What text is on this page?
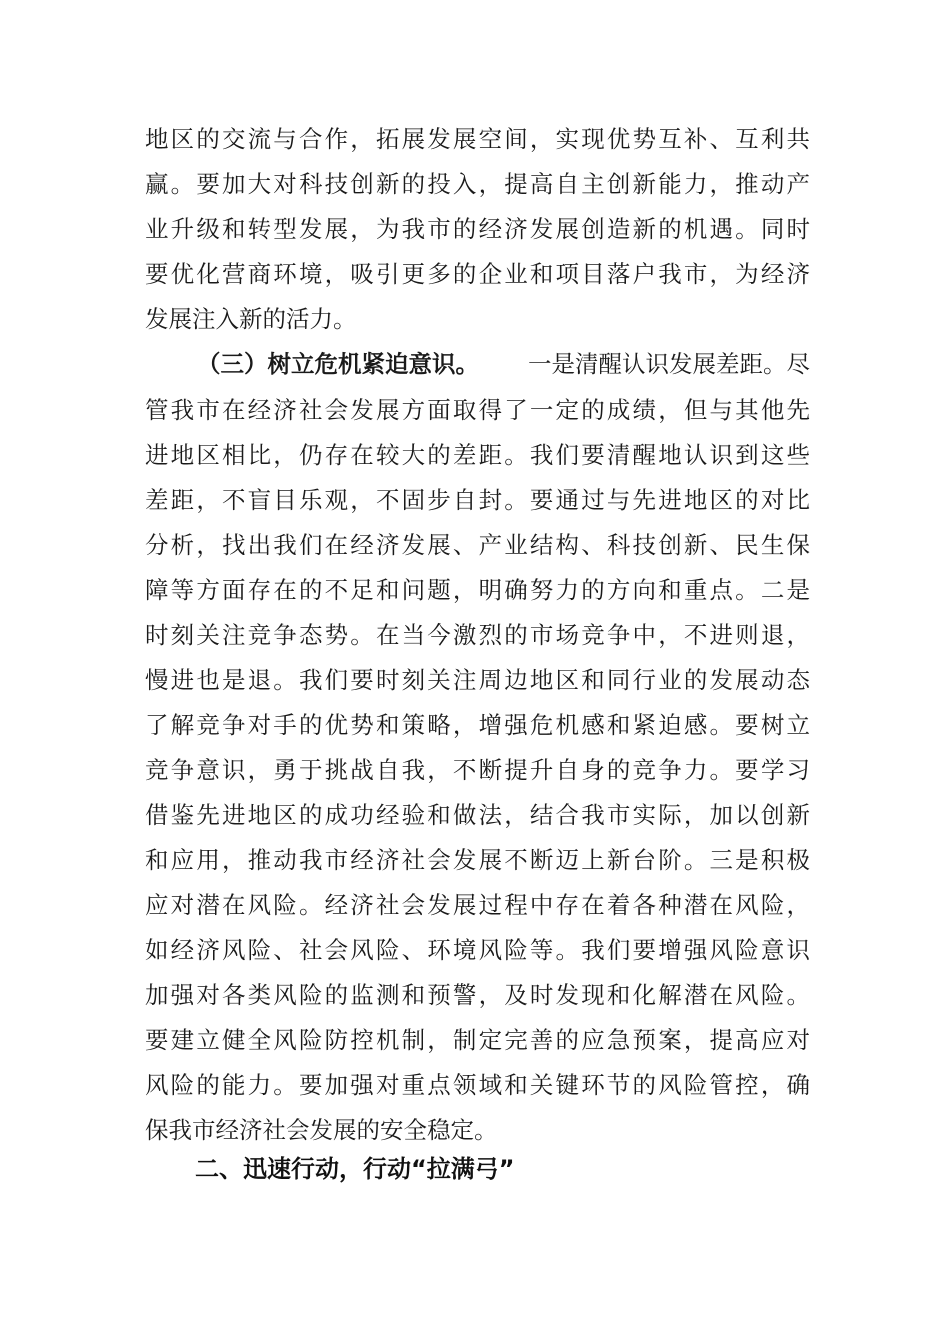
地区的交流与合作，拓展发展空间，实现优势互补、互利共
赢。要加大对科技创新的投入，提高自主创新能力，推动产
业升级和转型发展，为我市的经济发展创造新的机遇。同时
要优化营商环境，吸引更多的企业和项目落户我市，为经济
发展注入新的活力。
（三）树立危机紧迫意识。 一是清醒认识发展差距。尽
管我市在经济社会发展方面取得了一定的成绩，但与其他先
进地区相比，仍存在较大的差距。我们要清醒地认识到这些
差距，不盲目乐观，不固步自封。要通过与先进地区的对比
分析，找出我们在经济发展、产业结构、科技创新、民生保
障等方面存在的不足和问题，明确努力的方向和重点。二是
时刻关注竞争态势。在当今激烈的市场竞争中，不进则退，
慢进也是退。我们要时刻关注周边地区和同行业的发展动态
了解竞争对手的优势和策略，增强危机感和紧迫感。要树立
竞争意识，勇于挑战自我，不断提升自身的竞争力。要学习
借鉴先进地区的成功经验和做法，结合我市实际，加以创新
和应用，推动我市经济社会发展不断迈上新台阶。三是积极
应对潜在风险。经济社会发展过程中存在着各种潜在风险，
如经济风险、社会风险、环境风险等。我们要增强风险意识
加强对各类风险的监测和预警，及时发现和化解潜在风险。
要建立健全风险防控机制，制定完善的应急预案，提高应对
风险的能力。要加强对重点领域和关键环节的风险管控，确
保我市经济社会发展的安全稳定。
二、迅速行动，行动“拉满弓”
